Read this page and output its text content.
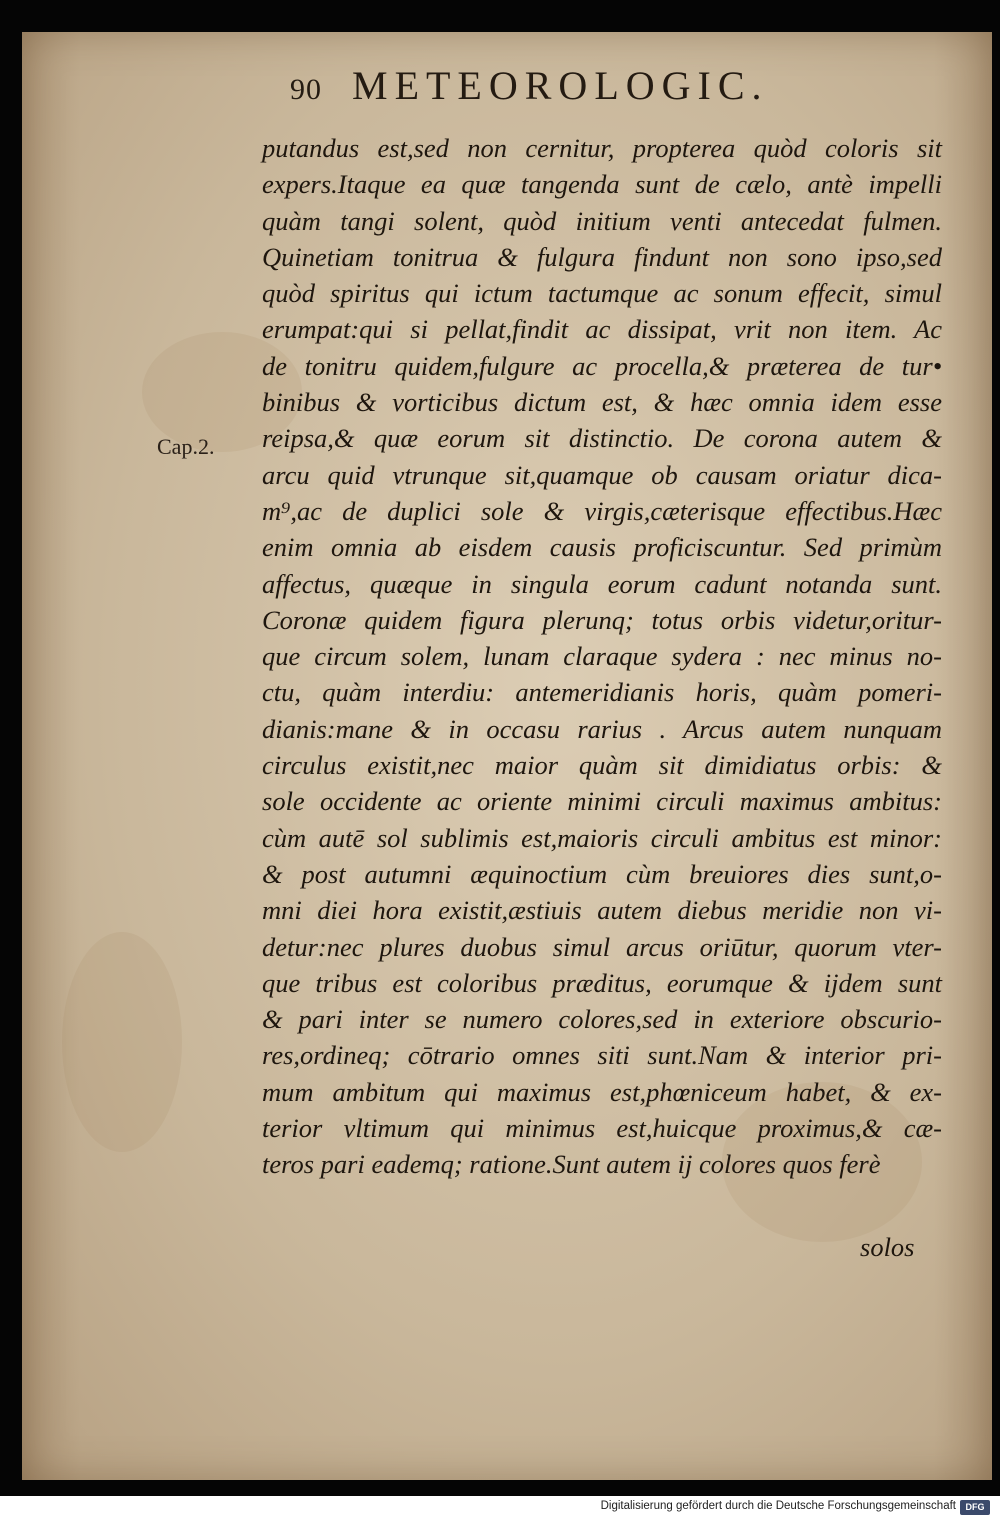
90 METEOROLOGIC.
Cap.2.
putandus est,sed non cernitur, propterea quòd coloris sit
expers.Itaque ea quæ tangenda sunt de cælo, antè impelli
quàm tangi solent, quòd initium venti antecedat fulmen.
Quinetiam tonitrua & fulgura findunt non sono ipso,sed
quòd spiritus qui ictum tactumque ac sonum effecit, simul
erumpat:qui si pellat,findit ac dissipat, vrit non item. Ac
de tonitru quidem,fulgure ac procella,& præterea de tur•
binibus & vorticibus dictum est, & hæc omnia idem esse
reipsa,& quæ eorum sit distinctio. De corona autem &
arcu quid vtrunque sit,quamque ob causam oriatur dica-
m⁹,ac de duplici sole & virgis,cæterisque effectibus.Hæc
enim omnia ab eisdem causis proficiscuntur. Sed primùm
affectus, quæque in singula eorum cadunt notanda sunt.
Coronæ quidem figura plerunq; totus orbis videtur,oritur-
que circum solem, lunam claraque sydera : nec minus no-
ctu, quàm interdiu: antemeridianis horis, quàm pomeri-
dianis:mane & in occasu rarius . Arcus autem nunquam
circulus existit,nec maior quàm sit dimidiatus orbis: &
sole occidente ac oriente minimi circuli maximus ambitus:
cùm autē sol sublimis est,maioris circuli ambitus est minor:
& post autumni æquinoctium cùm breuiores dies sunt,o-
mni diei hora existit,æstiuis autem diebus meridie non vi-
detur:nec plures duobus simul arcus oriūtur, quorum vter-
que tribus est coloribus præditus, eorumque & ijdem sunt
& pari inter se numero colores,sed in exteriore obscurio-
res,ordineq; cōtrario omnes siti sunt.Nam & interior pri-
mum ambitum qui maximus est,phœniceum habet, & ex-
terior vltimum qui minimus est,huicque proximus,& cæ-
teros pari eademq; ratione.Sunt autem ij colores quos ferè
solos
Digitalisierung gefördert durch die Deutsche Forschungsgemeinschaft	DFG
